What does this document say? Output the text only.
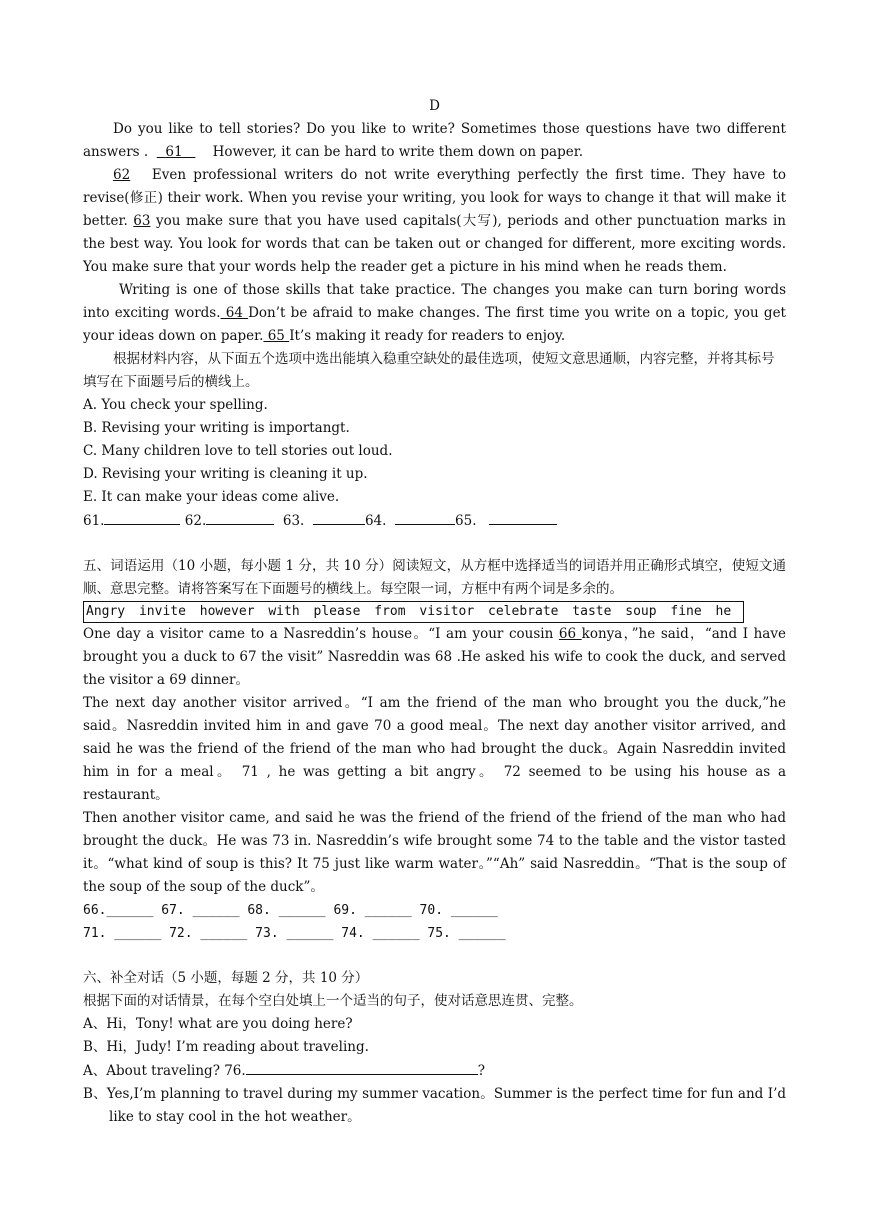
D

Do you like to tell stories? Do you like to write? Sometimes those questions have two different answers . 61 However, it can be hard to write them down on paper.

62   Even professional writers do not write everything perfectly the first time. They have to revise(修正) their work. When you revise your writing, you look for ways to change it that will make it better. 63 you make sure that you have used capitals(大写), periods and other punctuation marks in the best way. You look for words that can be taken out or changed for different, more exciting words. You make sure that your words help the reader get a picture in his mind when he reads them.

Writing is one of those skills that take practice. The changes you make can turn boring words into exciting words. 64 Don’t be afraid to make changes. The first time you write on a topic, you get your ideas down on paper. 65 It’s making it ready for readers to enjoy.

根据材料内容，从下面五个选项中选出能填入稳重空缺处的最佳选项，使短文意思通顺，内容完整，并将其标号填写在下面题号后的横线上。

A. You check your spelling.

B. Revising your writing is importangt.

C. Many children love to tell stories out loud.

D. Revising your writing is cleaning it up.

E. It can make your ideas come alive.

61.	62.	63.	64.	65.

五、词语运用（10 小题，每小题 1 分，共 10 分）阅读短文，从方框中选择适当的词语并用正确形式填空，使短文通顺、意思完整。请将答案写在下面题号的横线上。每空限一词，方框中有两个词是多余的。

Angry invite however with please from visitor celebrate taste soup fine he

One day a visitor came to a Nasreddin’s house。“I am your cousin 66 konya，”he said，“and I have brought you a duck to 67 the visit” Nasreddin was 68 .He asked his wife to cook the duck, and served the visitor a 69 dinner。

The next day another visitor arrived。“I am the friend of the man who brought you the duck,”he said。Nasreddin invited him in and gave 70 a good meal。The next day another visitor arrived, and said he was the friend of the friend of the man who had brought the duck。Again Nasreddin invited him in for a meal。 71 , he was getting a bit angry。 72 seemed to be using his house as a restaurant。

Then another visitor came, and said he was the friend of the friend of the friend of the man who had brought the duck。He was 73 in. Nasreddin’s wife brought some 74 to the table and the vistor tasted it。“what kind of soup is this? It 75 just like warm water。”“Ah” said Nasreddin。“That is the soup of the soup of the soup of the duck”。

66.______ 67. ______ 68. ______ 69. ______ 70. ______

71. ______ 72. ______ 73. ______ 74. ______ 75. ______

六、补全对话（5 小题，每题 2 分，共 10 分）

根据下面的对话情景，在每个空白处填上一个适当的句子，使对话意思连贯、完整。

A、Hi，Tony! what are you doing here?

B、Hi，Judy! I’m reading about traveling.

A、About traveling? 76.	?

B、Yes,I’m planning to travel during my summer vacation。Summer is the perfect time for fun and I’d like to stay cool in the hot weather。
